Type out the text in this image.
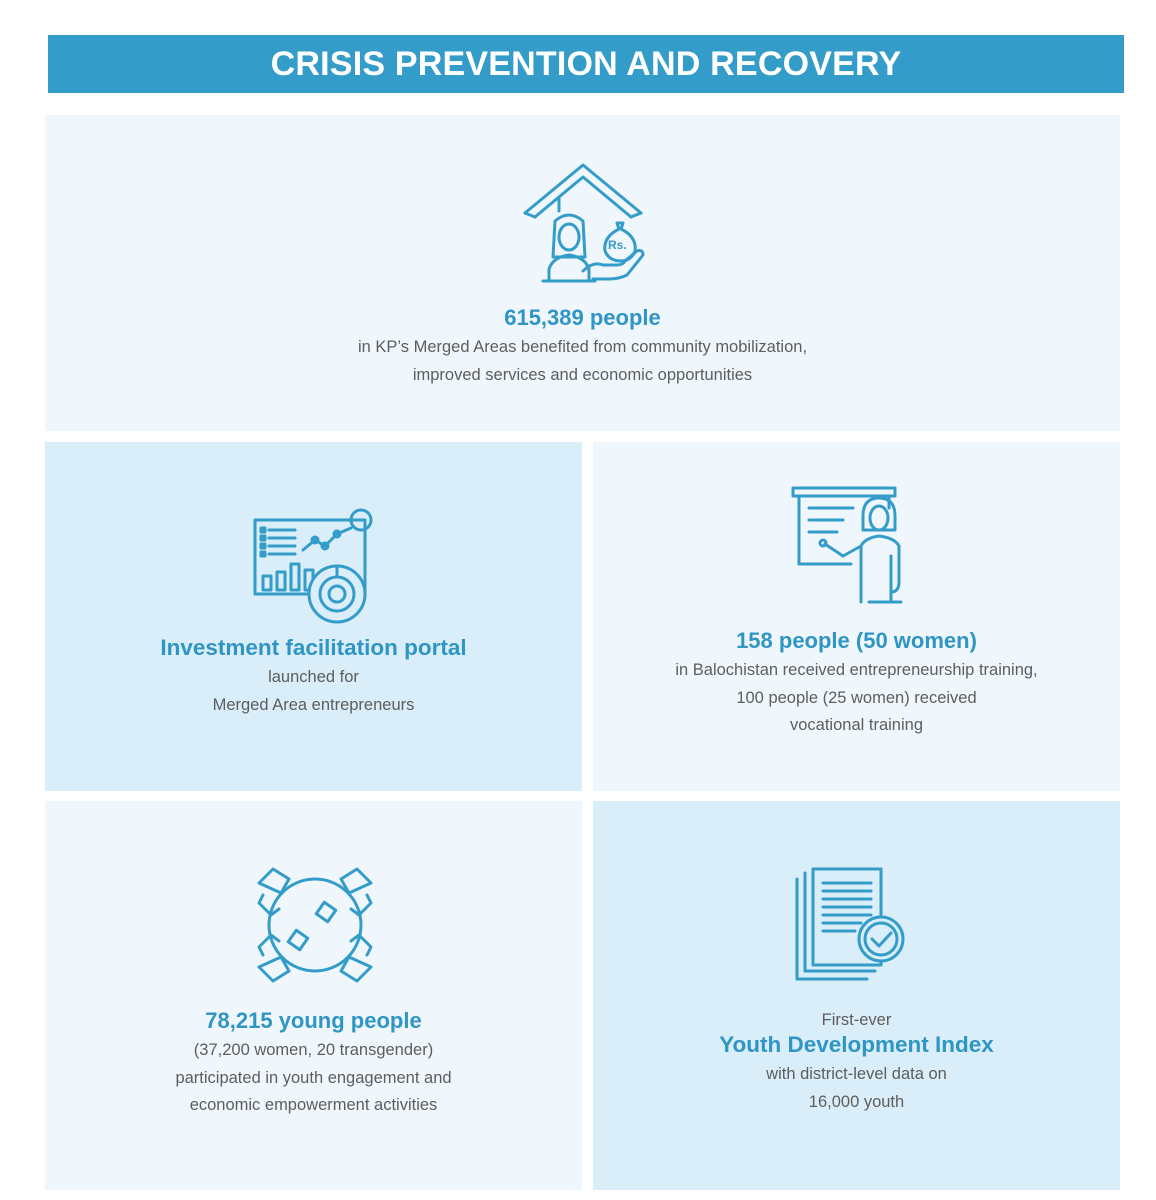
CRISIS PREVENTION AND RECOVERY
Rs.
615,389 people
in KP’s Merged Areas benefited from community mobilization,
improved services and economic opportunities
Investment facilitation portal
launched for
Merged Area entrepreneurs
158 people (50 women)
in Balochistan received entrepreneurship training,
100 people (25 women) received
vocational training
78,215 young people
(37,200 women, 20 transgender)
participated in youth engagement and
economic empowerment activities
First-ever
Youth Development Index
with district-level data on
16,000 youth
